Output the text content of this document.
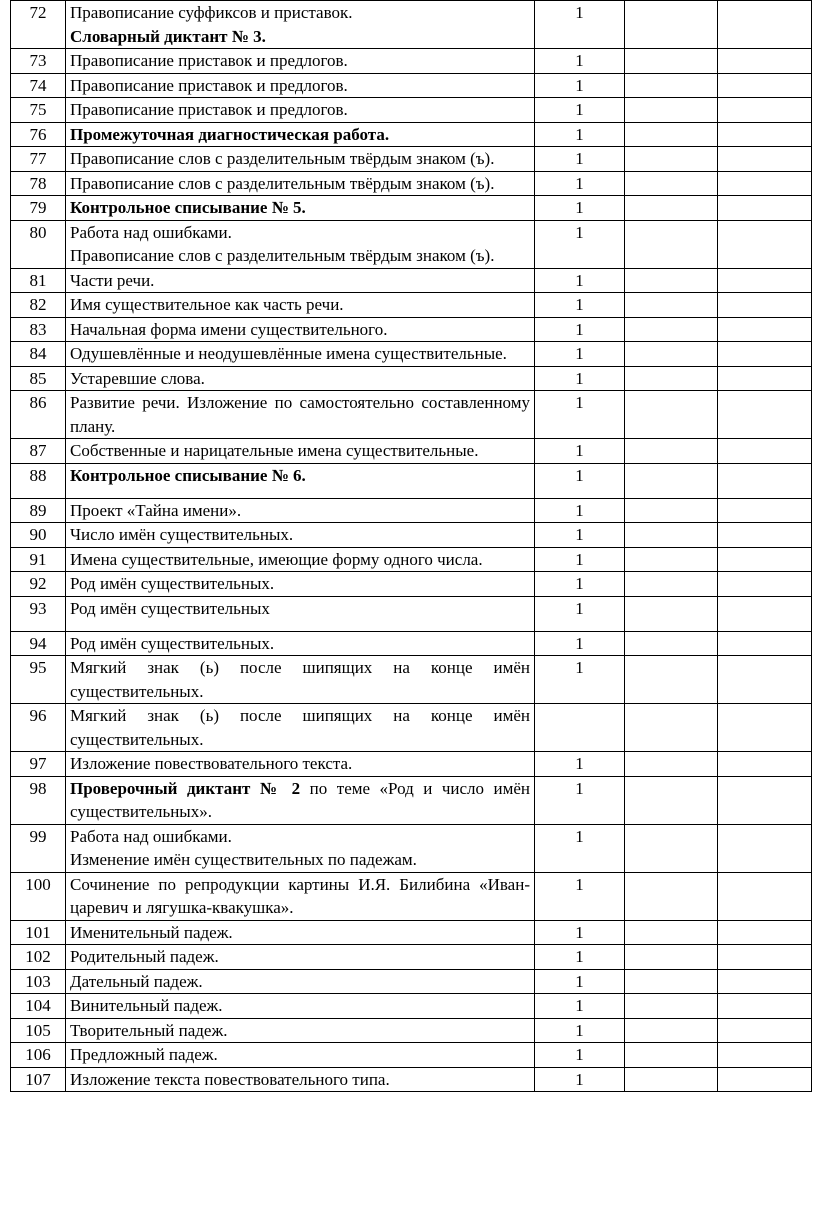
72	Правописание суффиксов и приставок.
Словарный диктант № 3.	1		
73	Правописание приставок и предлогов.	1		
74	Правописание приставок и предлогов.	1		
75	Правописание приставок и предлогов.	1		
76	Промежуточная диагностическая работа.	1		
77	Правописание слов с разделительным твёрдым знаком (ъ).	1		
78	Правописание слов с разделительным твёрдым знаком (ъ).	1		
79	Контрольное списывание № 5.	1		
80	Работа над ошибками.
Правописание слов с разделительным твёрдым знаком (ъ).	1		
81	Части речи.	1		
82	Имя существительное как часть речи.	1		
83	Начальная форма имени существительного.	1		
84	Одушевлённые и неодушевлённые имена существительные.	1		
85	Устаревшие слова.	1		
86	Развитие речи. Изложение по самостоятельно составленному плану.	1		
87	Собственные и нарицательные имена существительные.	1		
88	Контрольное списывание № 6.	1		
89	Проект «Тайна имени».	1		
90	Число имён существительных.	1		
91	Имена существительные, имеющие форму одного числа.	1		
92	Род имён существительных.	1		
93	Род имён существительных	1		
94	Род имён существительных.	1		
95	Мягкий знак (ь) после шипящих на конце имён существительных.	1		
96	Мягкий знак (ь) после шипящих на конце имён существительных.			
97	Изложение повествовательного текста.	1		
98	Проверочный диктант № 2 по теме «Род и число имён существительных».	1		
99	Работа над ошибками.
Изменение имён существительных по падежам.	1		
100	Сочинение по репродукции картины И.Я. Билибина «Иван-царевич и лягушка-квакушка».	1		
101	Именительный падеж.	1		
102	Родительный падеж.	1		
103	Дательный падеж.	1		
104	Винительный падеж.	1		
105	Творительный падеж.	1		
106	Предложный падеж.	1		
107	Изложение текста повествовательного типа.	1		
